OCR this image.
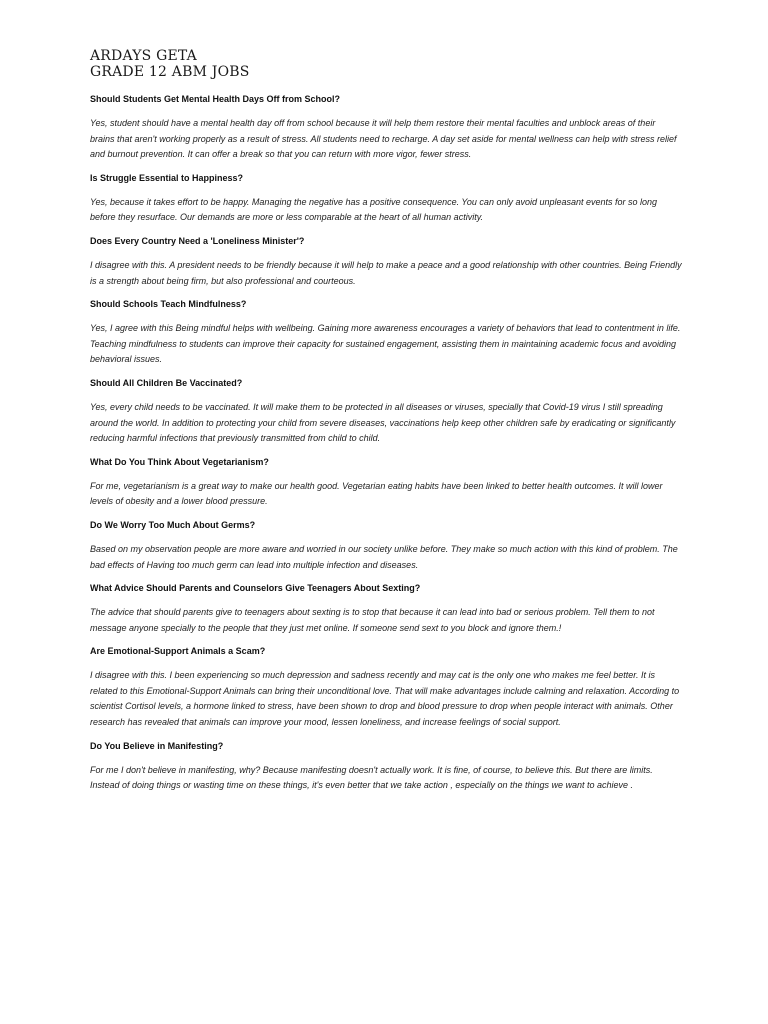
ARDAYS GETA
GRADE 12 ABM JOBS
Should Students Get Mental Health Days Off from School?
Yes, student should have a mental health day off from school because it will help them restore their mental faculties and unblock areas of their brains that aren't working properly as a result of stress. All students need to recharge. A day set aside for mental wellness can help with stress relief and burnout prevention. It can offer a break so that you can return with more vigor, fewer stress.
Is Struggle Essential to Happiness?
Yes, because it takes effort to be happy. Managing the negative has a positive consequence. You can only avoid unpleasant events for so long before they resurface. Our demands are more or less comparable at the heart of all human activity.
Does Every Country Need a 'Loneliness Minister'?
I disagree with this. A president needs to be friendly because it will help to make a peace and a good relationship with other countries. Being Friendly is a strength about being firm, but also professional and courteous.
Should Schools Teach Mindfulness?
Yes, I agree with this Being mindful helps with wellbeing. Gaining more awareness encourages a variety of behaviors that lead to contentment in life. Teaching mindfulness to students can improve their capacity for sustained engagement, assisting them in maintaining academic focus and avoiding behavioral issues.
Should All Children Be Vaccinated?
Yes, every child needs to be vaccinated. It will make them to be protected in all diseases or viruses, specially that Covid-19 virus I still spreading around the world. In addition to protecting your child from severe diseases, vaccinations help keep other children safe by eradicating or significantly reducing harmful infections that previously transmitted from child to child.
What Do You Think About Vegetarianism?
For me, vegetarianism is a great way to make our health good. Vegetarian eating habits have been linked to better health outcomes. It will lower levels of obesity and a lower blood pressure.
Do We Worry Too Much About Germs?
Based on my observation people are more aware and worried in our society unlike before. They make so much action with this kind of problem. The bad effects of Having too much germ can lead into multiple infection and diseases.
What Advice Should Parents and Counselors Give Teenagers About Sexting?
The advice that should parents give to teenagers about sexting is to stop that because it can lead into bad or serious problem. Tell them to not message anyone specially to the people that they just met online. If someone send sext to you block and ignore them.!
Are Emotional-Support Animals a Scam?
I disagree with this. I been experiencing so much depression and sadness recently and may cat is the only one who makes me feel better. It is related to this Emotional-Support Animals can bring their unconditional love. That will make advantages include calming and relaxation. According to scientist Cortisol levels, a hormone linked to stress, have been shown to drop and blood pressure to drop when people interact with animals. Other research has revealed that animals can improve your mood, lessen loneliness, and increase feelings of social support.
Do You Believe in Manifesting?
For me I don't believe in manifesting, why? Because manifesting doesn't actually work. It is fine, of course, to believe this. But there are limits. Instead of doing things or wasting time on these things, it's even better that we take action , especially on the things we want to achieve .
